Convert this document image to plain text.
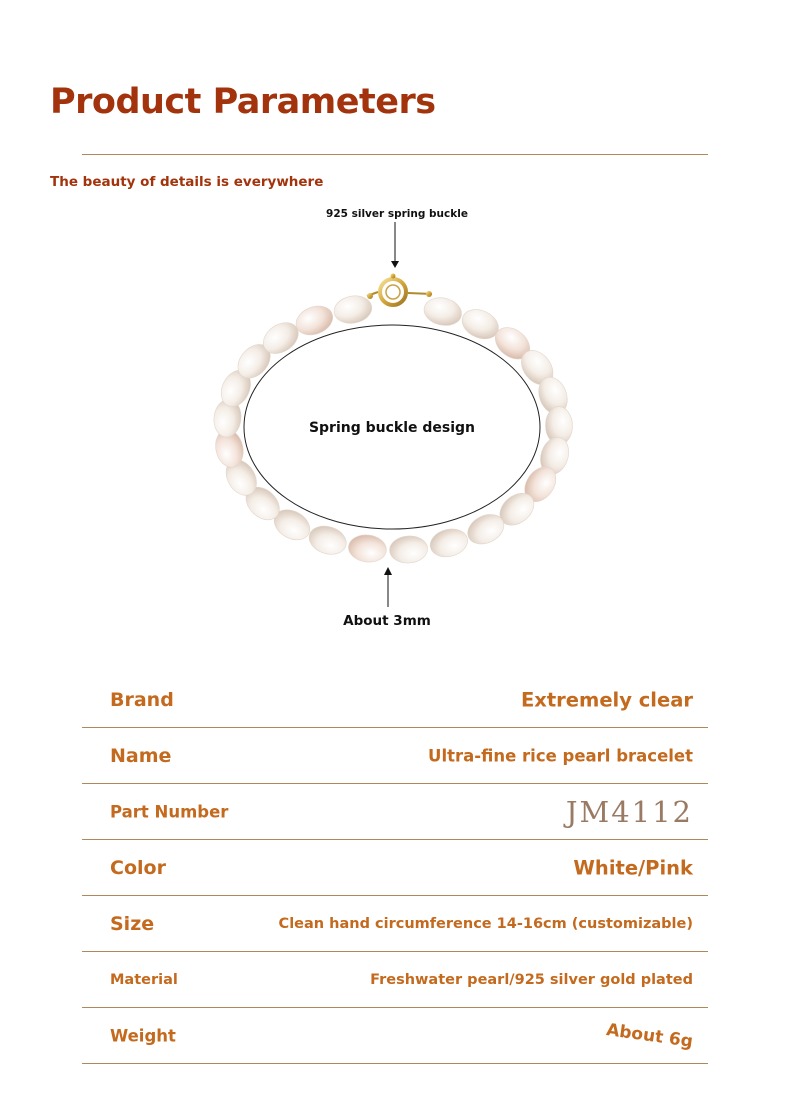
Product Parameters
The beauty of details is everywhere
925 silver spring buckle
Spring buckle design
About 3mm
Brand	Extremely clear
Name	Ultra-fine rice pearl bracelet
Part Number	JM4112
Color	White/Pink
Size	Clean hand circumference 14-16cm (customizable)
Material	Freshwater pearl/925 silver gold plated
Weight	About 6g
